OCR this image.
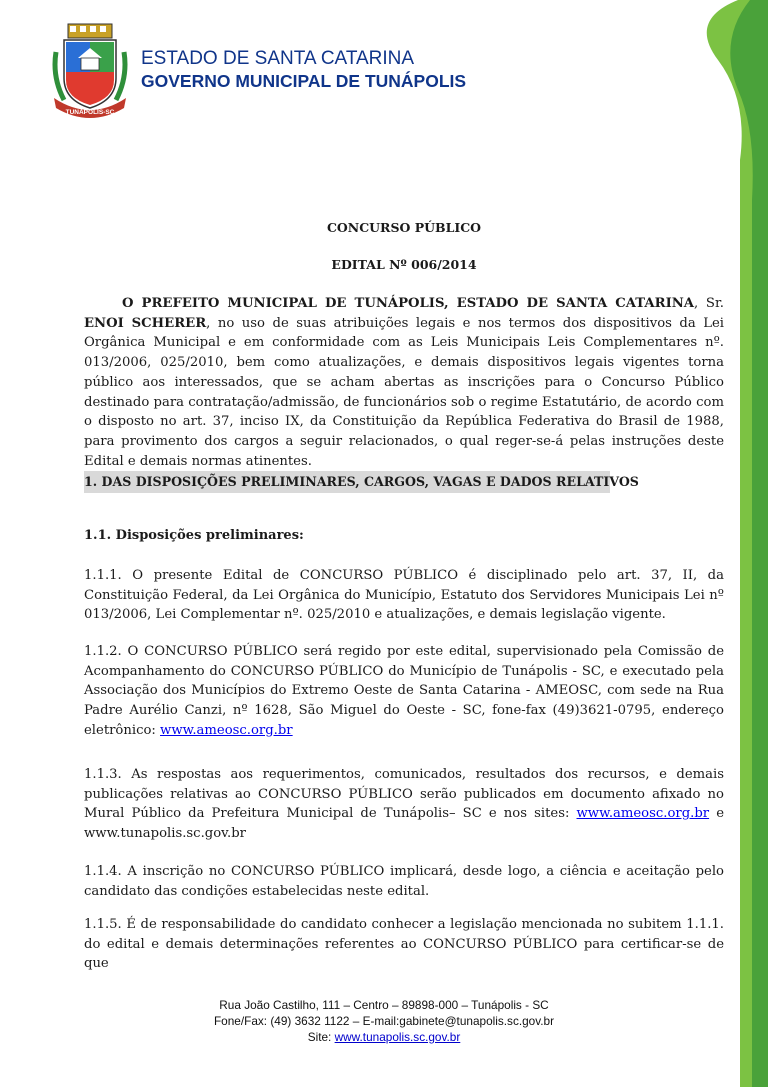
TUNÁPOLIS-SC
ESTADO DE SANTA CATARINA
GOVERNO MUNICIPAL DE TUNÁPOLIS
CONCURSO PÚBLICO
EDITAL Nº 006/2014
O PREFEITO MUNICIPAL DE TUNÁPOLIS, ESTADO DE SANTA CATARINA, Sr. ENOI SCHERER, no uso de suas atribuições legais e nos termos dos dispositivos da Lei Orgânica Municipal e em conformidade com as Leis Municipais Leis Complementares nº. 013/2006, 025/2010, bem como atualizações, e demais dispositivos legais vigentes torna público aos interessados, que se acham abertas as inscrições para o Concurso Público destinado para contratação/admissão, de funcionários sob o regime Estatutário, de acordo com o disposto no art. 37, inciso IX, da Constituição da República Federativa do Brasil de 1988, para provimento dos cargos a seguir relacionados, o qual reger-se-á pelas instruções deste Edital e demais normas atinentes.
1. DAS DISPOSIÇÕES PRELIMINARES, CARGOS, VAGAS E DADOS RELATIVOS
1.1. Disposições preliminares:
1.1.1. O presente Edital de CONCURSO PÚBLICO é disciplinado pelo art. 37, II, da Constituição Federal, da Lei Orgânica do Município, Estatuto dos Servidores Municipais Lei nº 013/2006, Lei Complementar nº. 025/2010 e atualizações, e demais legislação vigente.
1.1.2. O CONCURSO PÚBLICO será regido por este edital, supervisionado pela Comissão de Acompanhamento do CONCURSO PÚBLICO do Município de Tunápolis - SC, e executado pela Associação dos Municípios do Extremo Oeste de Santa Catarina - AMEOSC, com sede na Rua Padre Aurélio Canzi, nº 1628, São Miguel do Oeste - SC, fone-fax (49)3621-0795, endereço eletrônico: www.ameosc.org.br
1.1.3. As respostas aos requerimentos, comunicados, resultados dos recursos, e demais publicações relativas ao CONCURSO PÚBLICO serão publicados em documento afixado no Mural Público da Prefeitura Municipal de Tunápolis– SC e nos sites: www.ameosc.org.br e www.tunapolis.sc.gov.br
1.1.4. A inscrição no CONCURSO PÚBLICO implicará, desde logo, a ciência e aceitação pelo candidato das condições estabelecidas neste edital.
1.1.5. É de responsabilidade do candidato conhecer a legislação mencionada no subitem 1.1.1. do edital e demais determinações referentes ao CONCURSO PÚBLICO para certificar-se de que
Rua João Castilho, 111 – Centro – 89898-000 – Tunápolis - SC
Fone/Fax: (49) 3632 1122 – E-mail:gabinete@tunapolis.sc.gov.br
Site: www.tunapolis.sc.gov.br
